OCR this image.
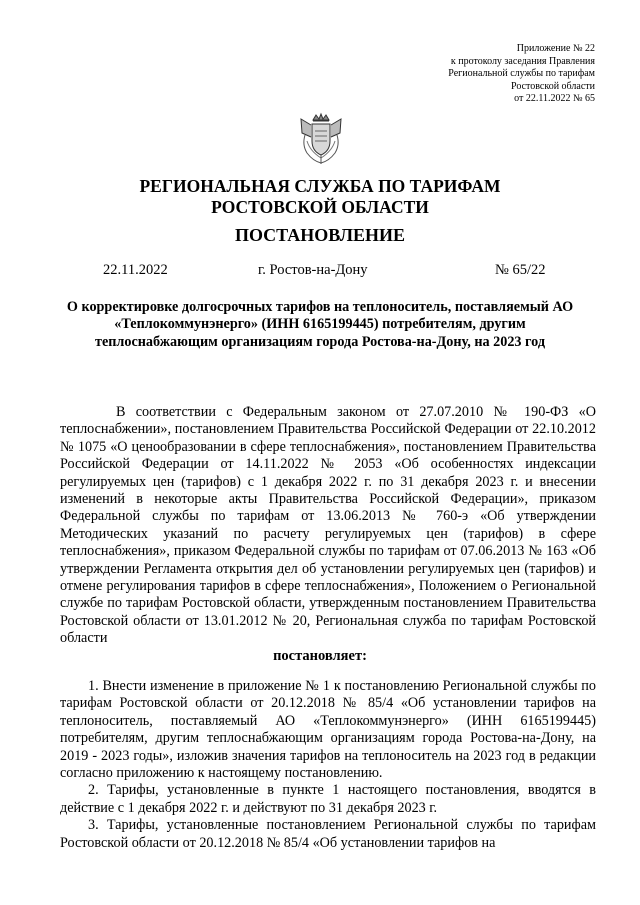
Приложение № 22
к протоколу заседания Правления
Региональной службы по тарифам
Ростовской области
от 22.11.2022 № 65
РЕГИОНАЛЬНАЯ СЛУЖБА ПО ТАРИФАМ
РОСТОВСКОЙ ОБЛАСТИ
ПОСТАНОВЛЕНИЕ
22.11.2022	г. Ростов-на-Дону	№ 65/22
О корректировке долгосрочных тарифов на теплоноситель, поставляемый АО «Теплокоммунэнерго» (ИНН 6165199445) потребителям, другим теплоснабжающим организациям города Ростова-на-Дону, на 2023 год

В соответствии с Федеральным законом от 27.07.2010 № 190-ФЗ «О теплоснабжении», постановлением Правительства Российской Федерации от 22.10.2012 № 1075 «О ценообразовании в сфере теплоснабжения», постановлением Правительства Российской Федерации от 14.11.2022 № 2053 «Об особенностях индексации регулируемых цен (тарифов) с 1 декабря 2022 г. по 31 декабря 2023 г. и внесении изменений в некоторые акты Правительства Российской Федерации», приказом Федеральной службы по тарифам от 13.06.2013 № 760-э «Об утверждении Методических указаний по расчету регулируемых цен (тарифов) в сфере теплоснабжения», приказом Федеральной службы по тарифам от 07.06.2013 № 163 «Об утверждении Регламента открытия дел об установлении регулируемых цен (тарифов) и отмене регулирования тарифов в сфере теплоснабжения», Положением о Региональной службе по тарифам Ростовской области, утвержденным постановлением Правительства Ростовской области от 13.01.2012 № 20, Региональная служба по тарифам Ростовской области

постановляет:

1. Внести изменение в приложение № 1 к постановлению Региональной службы по тарифам Ростовской области от 20.12.2018 № 85/4 «Об установлении тарифов на теплоноситель, поставляемый АО «Теплокоммунэнерго» (ИНН 6165199445) потребителям, другим теплоснабжающим организациям города Ростова-на-Дону, на 2019 - 2023 годы», изложив значения тарифов на теплоноситель на 2023 год в редакции согласно приложению к настоящему постановлению.

2. Тарифы, установленные в пункте 1 настоящего постановления, вводятся в действие с 1 декабря 2022 г. и действуют по 31 декабря 2023 г.

3. Тарифы, установленные постановлением Региональной службы по тарифам Ростовской области от 20.12.2018 № 85/4 «Об установлении тарифов на
